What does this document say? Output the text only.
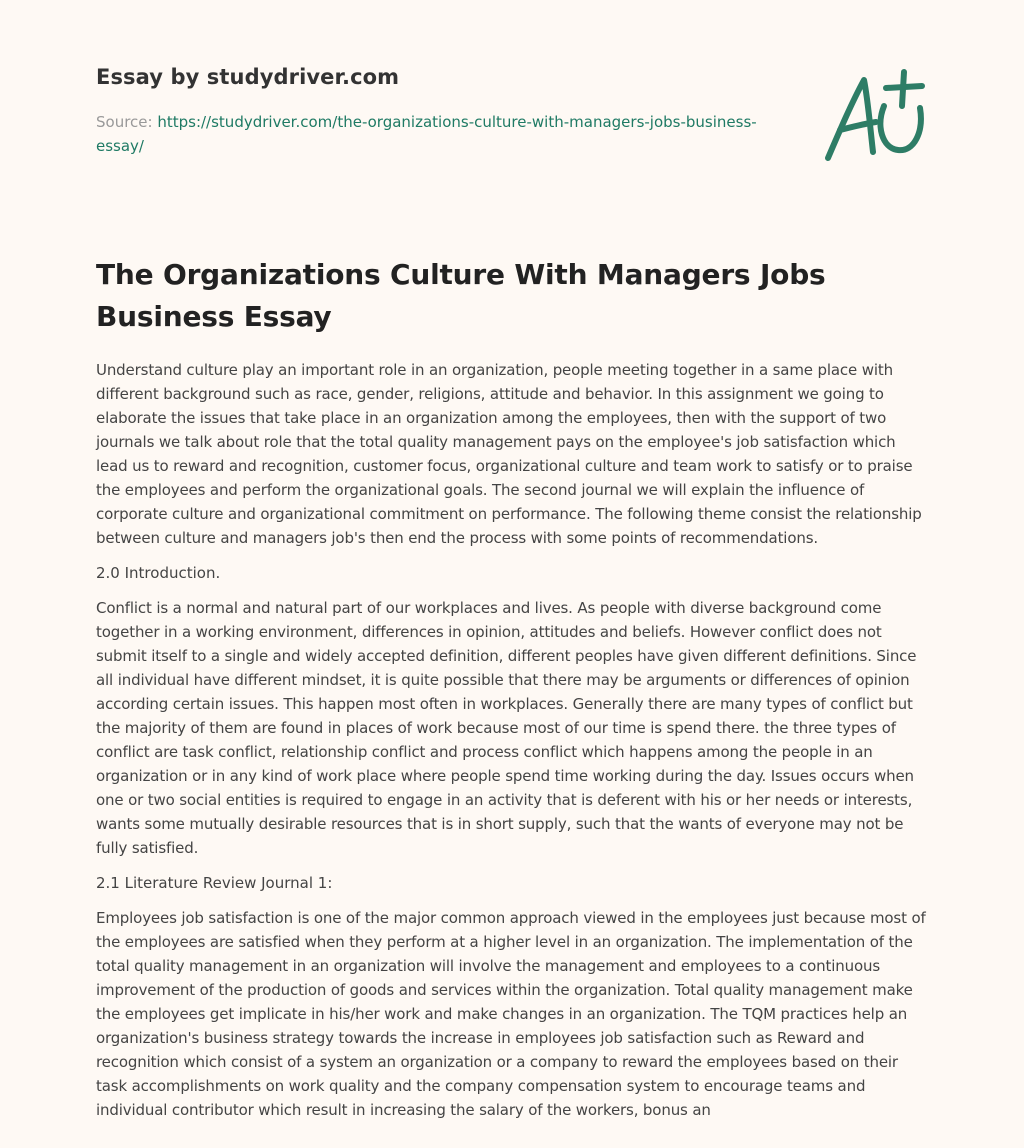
Essay by studydriver.com
Source: https://studydriver.com/the-organizations-culture-with-managers-jobs-business-essay/
The Organizations Culture With Managers Jobs Business Essay

Understand culture play an important role in an organization, people meeting together in a same place with different background such as race, gender, religions, attitude and behavior. In this assignment we going to elaborate the issues that take place in an organization among the employees, then with the support of two journals we talk about role that the total quality management pays on the employee's job satisfaction which lead us to reward and recognition, customer focus, organizational culture and team work to satisfy or to praise the employees and perform the organizational goals. The second journal we will explain the influence of corporate culture and organizational commitment on performance. The following theme consist the relationship between culture and managers job's then end the process with some points of recommendations.

2.0 Introduction.

Conflict is a normal and natural part of our workplaces and lives. As people with diverse background come together in a working environment, differences in opinion, attitudes and beliefs. However conflict does not submit itself to a single and widely accepted definition, different peoples have given different definitions. Since all individual have different mindset, it is quite possible that there may be arguments or differences of opinion according certain issues. This happen most often in workplaces. Generally there are many types of conflict but the majority of them are found in places of work because most of our time is spend there. the three types of conflict are task conflict, relationship conflict and process conflict which happens among the people in an organization or in any kind of work place where people spend time working during the day. Issues occurs when one or two social entities is required to engage in an activity that is deferent with his or her needs or interests, wants some mutually desirable resources that is in short supply, such that the wants of everyone may not be fully satisfied.

2.1 Literature Review Journal 1:

Employees job satisfaction is one of the major common approach viewed in the employees just because most of the employees are satisfied when they perform at a higher level in an organization. The implementation of the total quality management in an organization will involve the management and employees to a continuous improvement of the production of goods and services within the organization. Total quality management make the employees get implicate in his/her work and make changes in an organization. The TQM practices help an organization's business strategy towards the increase in employees job satisfaction such as Reward and recognition which consist of a system an organization or a company to reward the employees based on their task accomplishments on work quality and the company compensation system to encourage teams and individual contributor which result in increasing the salary of the workers, bonus an
